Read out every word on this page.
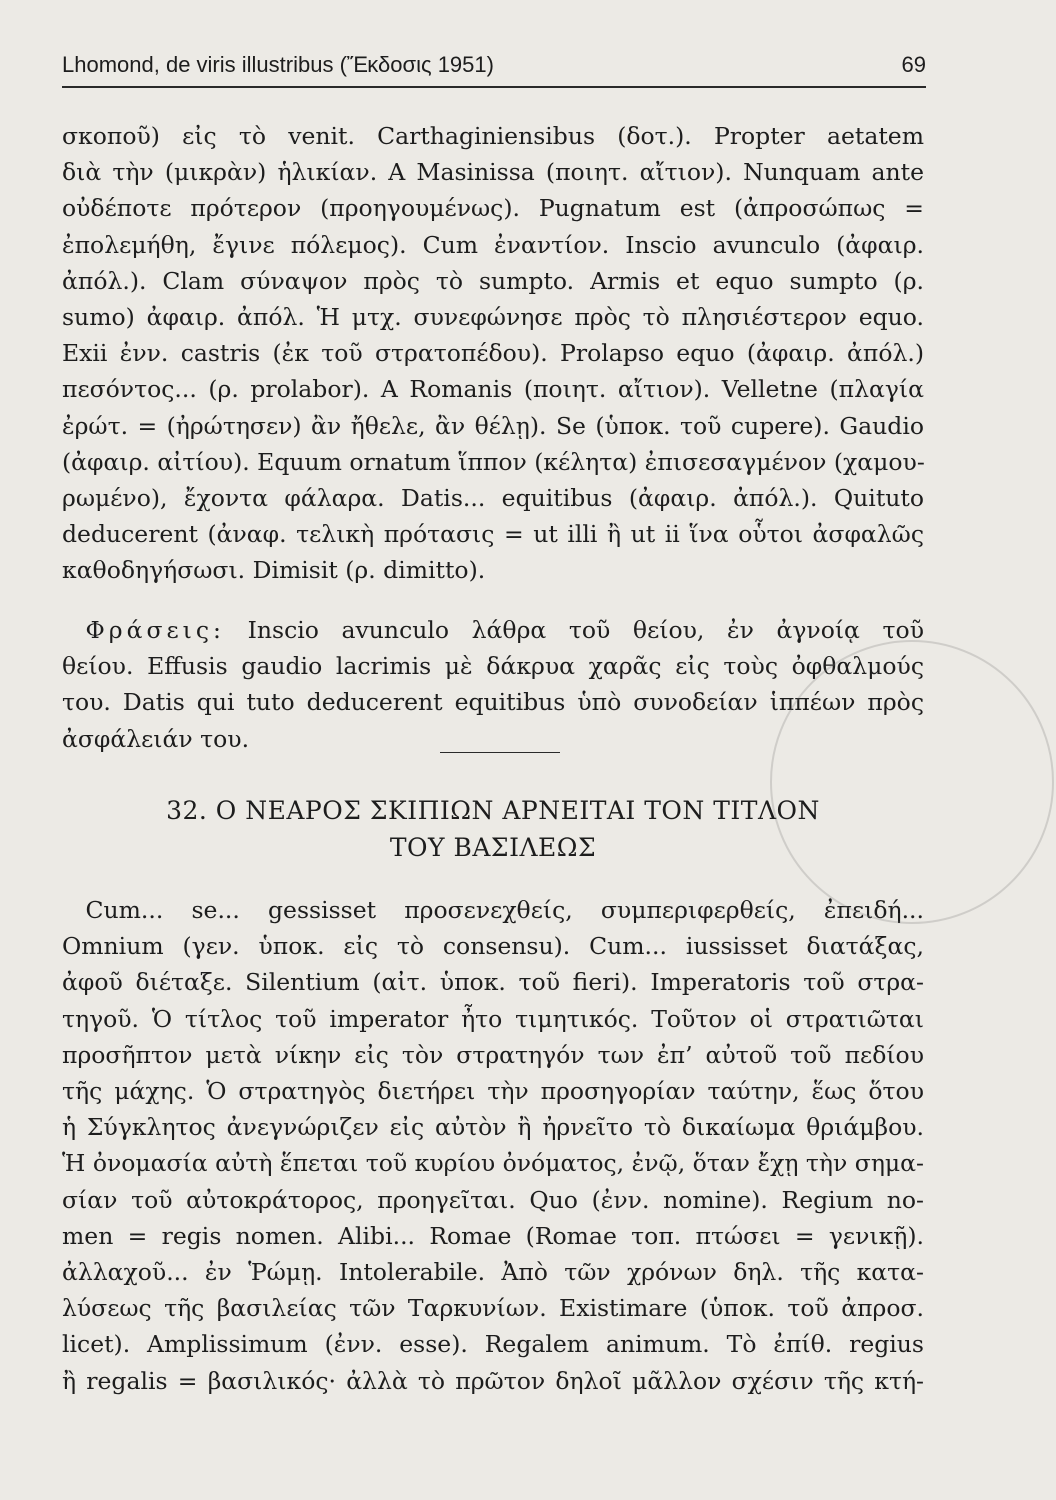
Lhomond, de viris illustribus (Ἔκδοσις 1951)	69
σκοποῦ) εἰς τὸ venit. Carthaginiensibus (δοτ.). Propter aetatem
διὰ τὴν (μικρὰν) ἡλικίαν. A Masinissa (ποιητ. αἴτιον). Nunquam ante
οὐδέποτε πρότερον (προηγουμένως). Pugnatum est (ἀπροσώπως =
ἐπολεμήθη, ἔγινε πόλεμος). Cum ἐναντίον. Inscio avunculo (ἀφαιρ.
ἀπόλ.). Clam σύναψον πρὸς τὸ sumpto. Armis et equo sumpto (ρ.
sumo) ἀφαιρ. ἀπόλ. Ἡ μτχ. συνεφώνησε πρὸς τὸ πλησιέστερον equo.
Exii ἐνν. castris (ἐκ τοῦ στρατοπέδου). Prolapso equo (ἀφαιρ. ἀπόλ.)
πεσόντος... (ρ. prolabor). A Romanis (ποιητ. αἴτιον). Velletne (πλαγία
ἐρώτ. = (ἠρώτησεν) ἂν ἤθελε, ἂν θέλῃ). Se (ὑποκ. τοῦ cupere). Gaudio
(ἀφαιρ. αἰτίου). Equum ornatum ἵππον (κέλητα) ἐπισεσαγμένον (χαμου-
ρωμένο), ἔχοντα φάλαρα. Datis... equitibus (ἀφαιρ. ἀπόλ.). Quituto
deducerent (ἀναφ. τελικὴ πρότασις = ut illi ἢ ut ii ἵνα οὗτοι ἀσφαλῶς
καθοδηγήσωσι. Dimisit (ρ. dimitto).
 Φράσεις: Inscio avunculo λάθρα τοῦ θείου, ἐν ἀγνοίᾳ τοῦ
θείου. Effusis gaudio lacrimis μὲ δάκρυα χαρᾶς εἰς τοὺς ὀφθαλμούς
του. Datis qui tuto deducerent equitibus ὑπὸ συνοδείαν ἱππέων πρὸς
ἀσφάλειάν του.
32. Ο ΝΕΑΡΟΣ ΣΚΙΠΙΩΝ ΑΡΝΕΙΤΑΙ ΤΟΝ ΤΙΤΛΟΝ
ΤΟΥ ΒΑΣΙΛΕΩΣ
 Cum... se... gessisset προσενεχθείς, συμπεριφερθείς, ἐπειδή...
Omnium (γεν. ὑποκ. εἰς τὸ consensu). Cum... iussisset διατάξας,
ἀφοῦ διέταξε. Silentium (αἰτ. ὑποκ. τοῦ fieri). Imperatoris τοῦ στρα-
τηγοῦ. Ὁ τίτλος τοῦ imperator ἦτο τιμητικός. Τοῦτον οἱ στρατιῶται
προσῆπτον μετὰ νίκην εἰς τὸν στρατηγόν των ἐπ’ αὐτοῦ τοῦ πεδίου
τῆς μάχης. Ὁ στρατηγὸς διετήρει τὴν προσηγορίαν ταύτην, ἕως ὅτου
ἡ Σύγκλητος ἀνεγνώριζεν εἰς αὐτὸν ἢ ἠρνεῖτο τὸ δικαίωμα θριάμβου.
Ἡ ὀνομασία αὐτὴ ἕπεται τοῦ κυρίου ὀνόματος, ἐνῷ, ὅταν ἔχῃ τὴν σημα-
σίαν τοῦ αὐτοκράτορος, προηγεῖται. Quo (ἐνν. nomine). Regium no-
men = regis nomen. Alibi... Romae (Romae τοπ. πτώσει = γενικῇ).
ἀλλαχοῦ... ἐν Ῥώμῃ. Intolerabile. Ἀπὸ τῶν χρόνων δηλ. τῆς κατα-
λύσεως τῆς βασιλείας τῶν Ταρκυνίων. Existimare (ὑποκ. τοῦ ἀπροσ.
licet). Amplissimum (ἐνν. esse). Regalem animum. Τὸ ἐπίθ. regius
ἢ regalis = βασιλικός· ἀλλὰ τὸ πρῶτον δηλοῖ μᾶλλον σχέσιν τῆς κτή-
